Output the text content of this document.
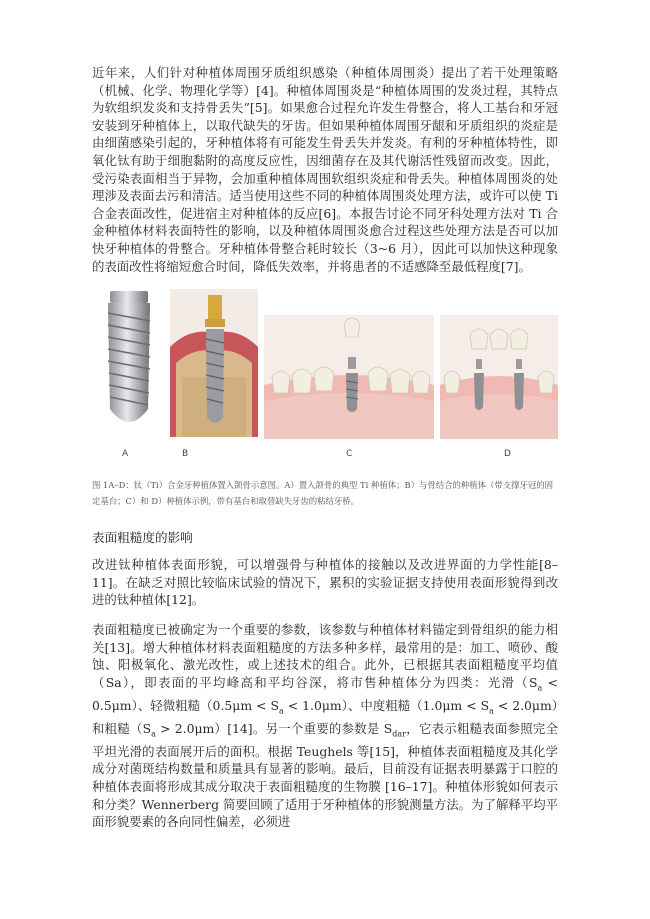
近年来，人们针对种植体周围牙质组织感染（种植体周围炎）提出了若干处理策略（机械、化学、物理化学等）[4]。种植体周围炎是“种植体周围的发炎过程，其特点为软组织发炎和支持骨丢失”[5]。如果愈合过程允许发生骨整合，将人工基台和牙冠安装到牙种植体上，以取代缺失的牙齿。但如果种植体周围牙龈和牙质组织的炎症是由细菌感染引起的，牙种植体将有可能发生骨丢失并发炎。有利的牙种植体特性，即氧化钛有助于细胞黏附的高度反应性，因细菌存在及其代谢活性残留而改变。因此，受污染表面相当于异物，会加重种植体周围软组织炎症和骨丢失。种植体周围炎的处理涉及表面去污和清洁。适当使用这些不同的种植体周围炎处理方法，或许可以使 Ti 合金表面改性，促进宿主对种植体的反应[6]。本报告讨论不同牙科处理方法对 Ti 合金种植体材料表面特性的影响，以及种植体周围炎愈合过程这些处理方法是否可以加快牙种植体的骨整合。牙种植体骨整合耗时较长（3~6 月），因此可以加快这种现象的表面改性将缩短愈合时间，降低失效率，并将患者的不适感降至最低程度[7]。

A	B	C	D

图 1A–D：钛（Ti）合金牙种植体置入颌骨示意图。A）置入颌骨的典型 Ti 种植体；B）与骨结合的种植体（带支撑牙冠的固定基台；C）和 D）种植体示例，带有基台和取替缺失牙齿的粘结牙桥。

表面粗糙度的影响

改进钛种植体表面形貌，可以增强骨与种植体的接触以及改进界面的力学性能[8–11]。在缺乏对照比较临床试验的情况下，累积的实验证据支持使用表面形貌得到改进的钛种植体[12]。

表面粗糙度已被确定为一个重要的参数，该参数与种植体材料锚定到骨组织的能力相关[13]。增大种植体材料表面粗糙度的方法多种多样，最常用的是：加工、喷砂、酸蚀、阳极氧化、激光改性，或上述技术的组合。此外，已根据其表面粗糙度平均值（Sa），即表面的平均峰高和平均谷深，将市售种植体分为四类：光滑$(S_a < 0.5\mu m)$、轻微粗糙$(0.5\mu m < S_a < 1.0\mu m)$、中度粗糙$(1.0\mu m < S_a < 2.0\mu m)$和粗糙$(S_a > 2.0\mu m)[14]$。另一个重要的参数是 $S_{dar}$，它表示粗糙表面参照完全平坦光滑的表面展开后的面积。根据 Teughels 等[15]，种植体表面粗糙度及其化学成分对菌斑结构数量和质量具有显著的影响。最后，目前没有证据表明暴露于口腔的种植体表面将形成其成分取决于表面粗糙度的生物膜 [16–17]。种植体形貌如何表示和分类？Wennerberg 简要回顾了适用于牙种植体的形貌测量方法。为了解释平均平面形貌要素的各向同性偏差，必须进
